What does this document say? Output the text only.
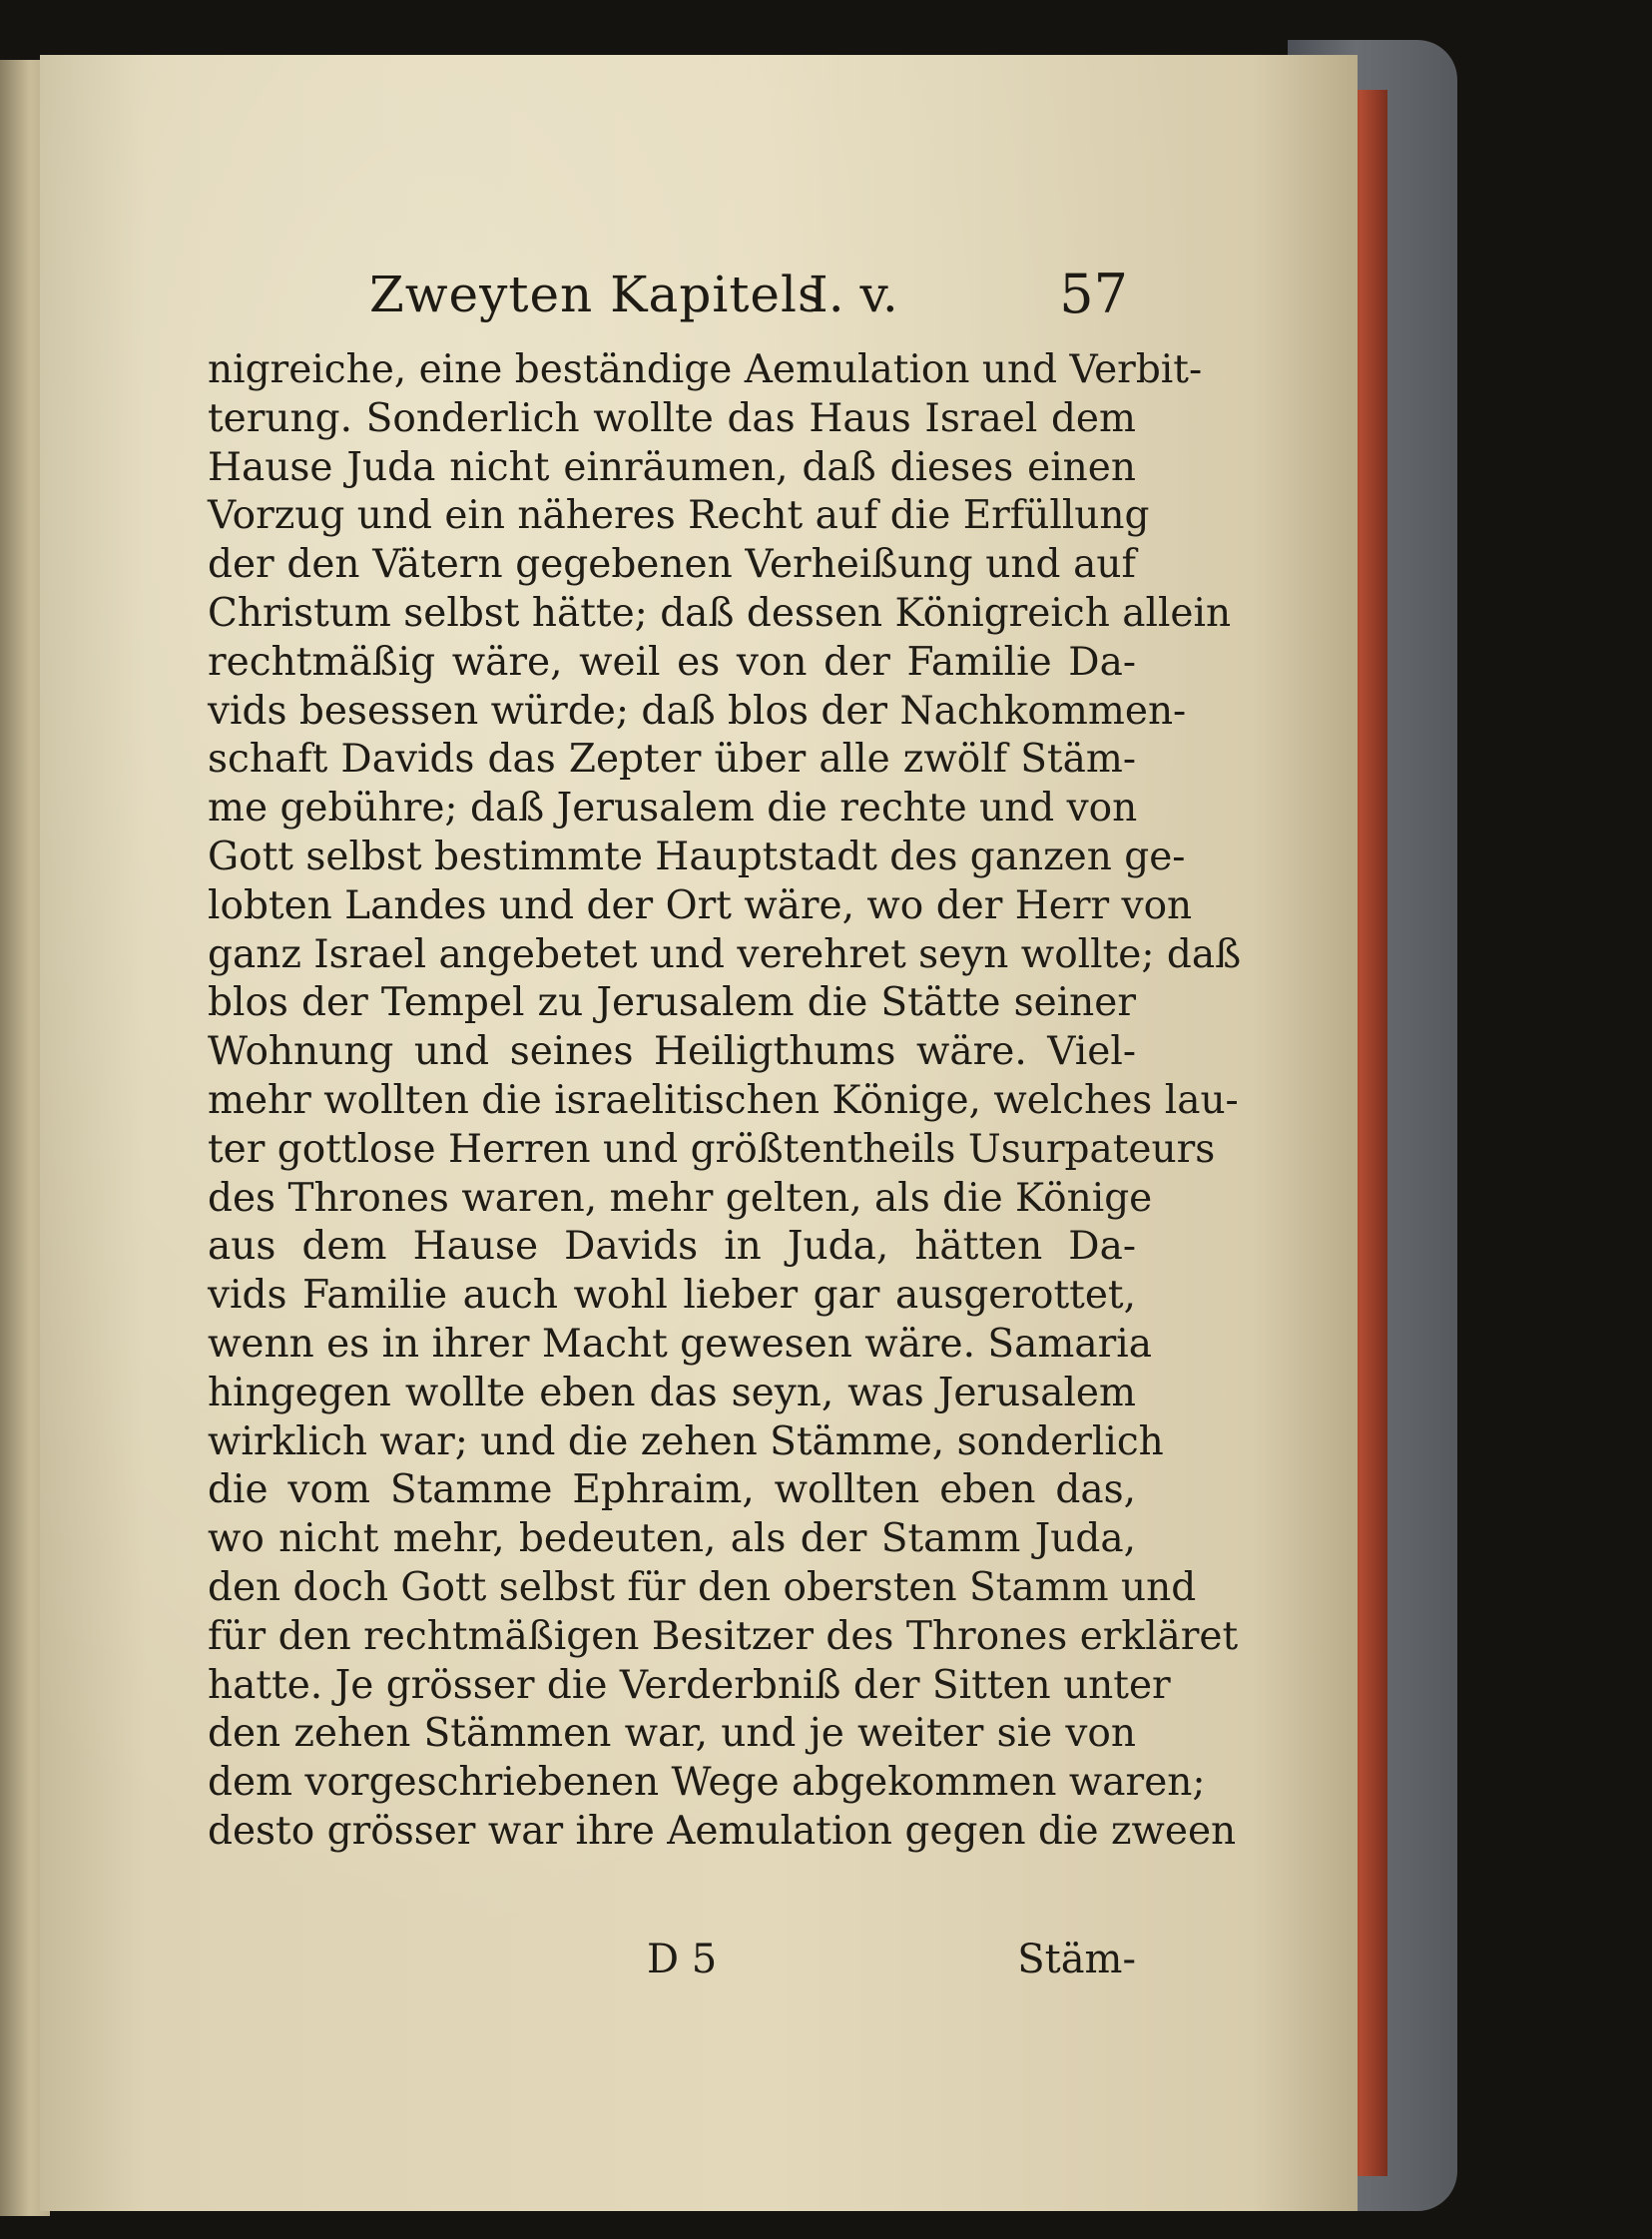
Zweyten Kapitels
I. v.	57
nigreiche, eine beständige Aemulation und Verbit-
terung. Sonderlich wollte das Haus Israel dem
Hause Juda nicht einräumen, daß dieses einen
Vorzug und ein näheres Recht auf die Erfüllung
der den Vätern gegebenen Verheißung und auf
Christum selbst hätte; daß dessen Königreich allein
rechtmäßig wäre, weil es von der Familie Da-
vids besessen würde; daß blos der Nachkommen-
schaft Davids das Zepter über alle zwölf Stäm-
me gebühre; daß Jerusalem die rechte und von
Gott selbst bestimmte Hauptstadt des ganzen ge-
lobten Landes und der Ort wäre, wo der Herr von
ganz Israel angebetet und verehret seyn wollte; daß
blos der Tempel zu Jerusalem die Stätte seiner
Wohnung und seines Heiligthums wäre. Viel-
mehr wollten die israelitischen Könige, welches lau-
ter gottlose Herren und größtentheils Usurpateurs
des Thrones waren, mehr gelten, als die Könige
aus dem Hause Davids in Juda, hätten Da-
vids Familie auch wohl lieber gar ausgerottet,
wenn es in ihrer Macht gewesen wäre. Samaria
hingegen wollte eben das seyn, was Jerusalem
wirklich war; und die zehen Stämme, sonderlich
die vom Stamme Ephraim, wollten eben das,
wo nicht mehr, bedeuten, als der Stamm Juda,
den doch Gott selbst für den obersten Stamm und
für den rechtmäßigen Besitzer des Thrones erkläret
hatte. Je grösser die Verderbniß der Sitten unter
den zehen Stämmen war, und je weiter sie von
dem vorgeschriebenen Wege abgekommen waren;
desto grösser war ihre Aemulation gegen die zween
D 5	Stäm-
